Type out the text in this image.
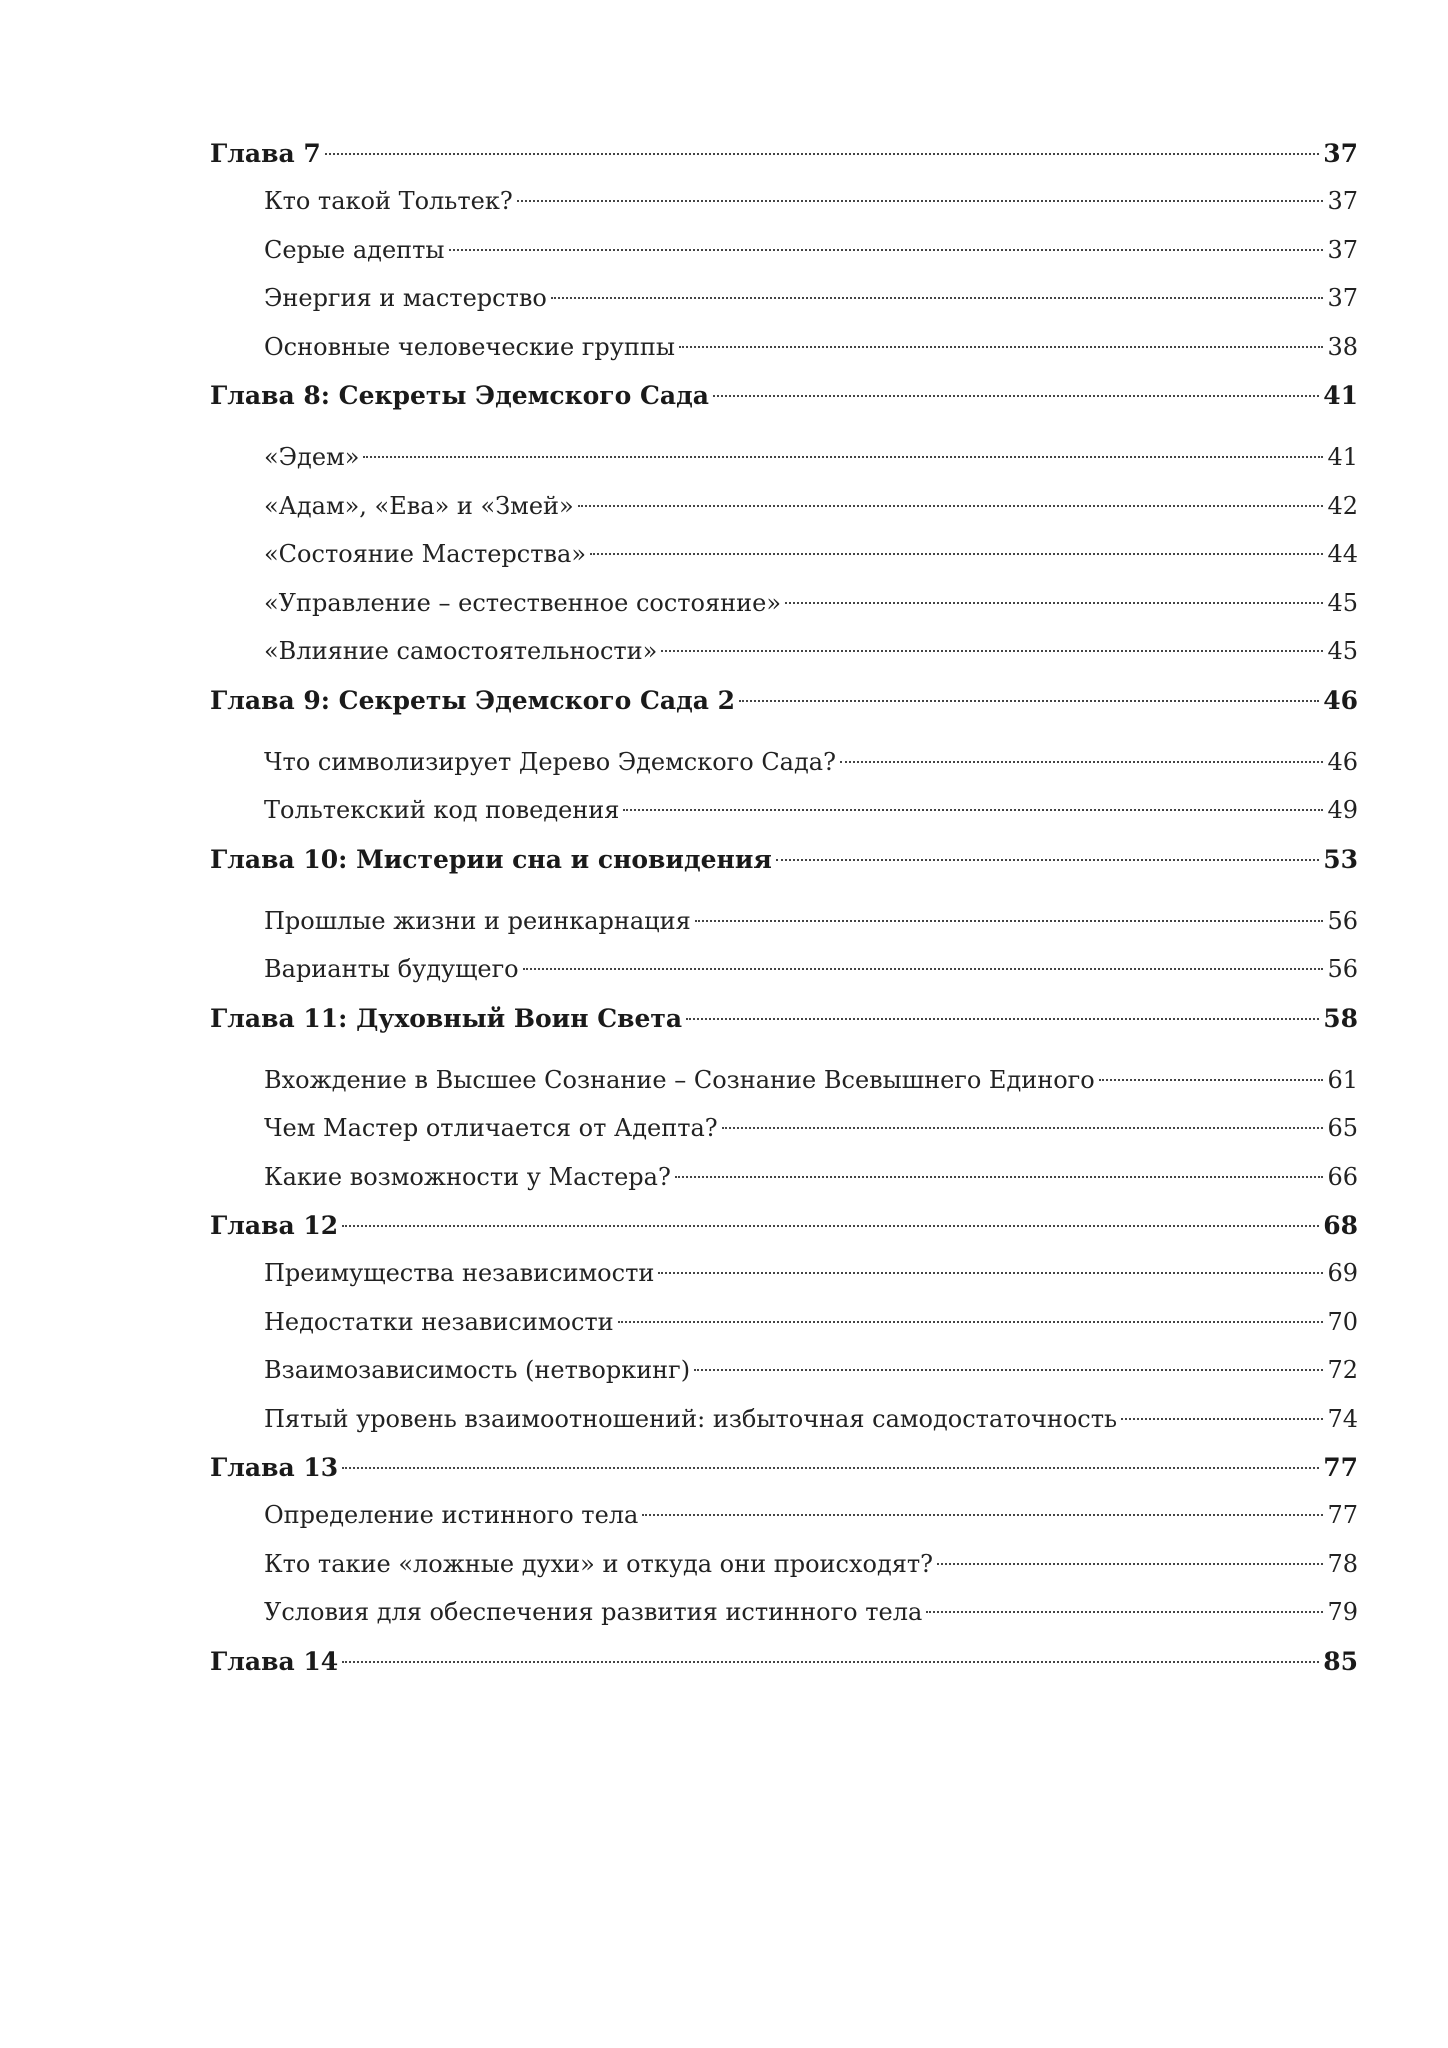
Глава 7	37
Кто такой Тольтек?	37
Серые адепты	37
Энергия и мастерство	37
Основные человеческие группы	38
Глава 8: Секреты Эдемского Сада	41
«Эдем»	41
«Адам», «Ева» и «Змей»	42
«Состояние Мастерства»	44
«Управление – естественное состояние»	45
«Влияние самостоятельности»	45
Глава 9: Секреты Эдемского Сада 2	46
Что символизирует Дерево Эдемского Сада?	46
Тольтекский код поведения	49
Глава 10: Мистерии сна и сновидения	53
Прошлые жизни и реинкарнация	56
Варианты будущего	56
Глава 11: Духовный Воин Света	58
Вхождение в Высшее Сознание – Сознание Всевышнего Единого	61
Чем Мастер отличается от Адепта?	65
Какие возможности у Мастера?	66
Глава 12	68
Преимущества независимости	69
Недостатки независимости	70
Взаимозависимость (нетворкинг)	72
Пятый уровень взаимоотношений: избыточная самодостаточность	74
Глава 13	77
Определение истинного тела	77
Кто такие «ложные духи» и откуда они происходят?	78
Условия для обеспечения развития истинного тела	79
Глава 14	85
